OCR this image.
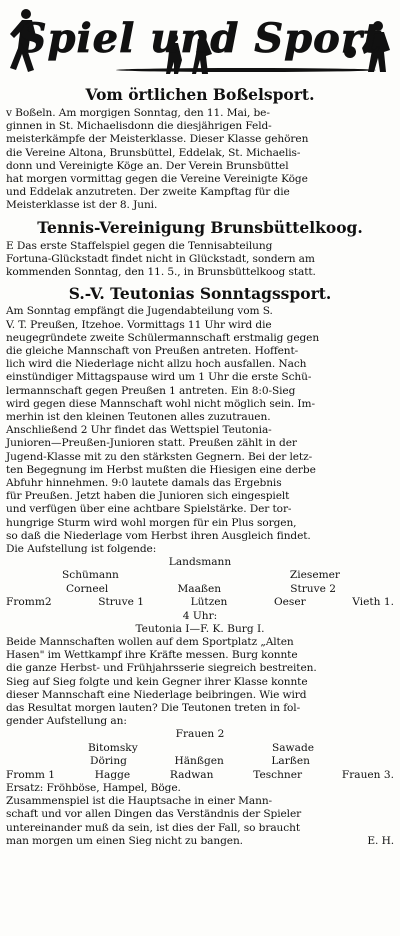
Spiel und Sport
Vom örtlichen Boßelsport.

v Boßeln. Am morgigen Sonntag, den 11. Mai, be-

ginnen in St. Michaelisdonn die diesjährigen Feld-

meisterkämpfe der Meisterklasse. Dieser Klasse gehören

die Vereine Altona, Brunsbüttel, Eddelak, St. Michaelis-

donn und Vereinigte Köge an. Der Verein Brunsbüttel

hat morgen vormittag gegen die Vereine Vereinigte Köge

und Eddelak anzutreten. Der zweite Kampftag für die

Meisterklasse ist der 8. Juni.

Tennis-Vereinigung Brunsbüttelkoog.

E Das erste Staffelspiel gegen die Tennisabteilung

Fortuna-Glückstadt findet nicht in Glückstadt, sondern am

kommenden Sonntag, den 11. 5., in Brunsbüttelkoog statt.

S.-V. Teutonias Sonntagssport.

Am Sonntag empfängt die Jugendabteilung vom S.

V. T. Preußen, Itzehoe. Vormittags 11 Uhr wird die

neugegründete zweite Schülermannschaft erstmalig gegen

die gleiche Mannschaft von Preußen antreten. Hoffent-

lich wird die Niederlage nicht allzu hoch ausfallen. Nach

einstündiger Mittagspause wird um 1 Uhr die erste Schü-

lermannschaft gegen Preußen 1 antreten. Ein 8:0-Sieg

wird gegen diese Mannschaft wohl nicht möglich sein. Im-

merhin ist den kleinen Teutonen alles zuzutrauen.

Anschließend 2 Uhr findet das Wettspiel Teutonia-

Junioren—Preußen-Junioren statt. Preußen zählt in der

Jugend-Klasse mit zu den stärksten Gegnern. Bei der letz-

ten Begegnung im Herbst mußten die Hiesigen eine derbe

Abfuhr hinnehmen. 9:0 lautete damals das Ergebnis

für Preußen. Jetzt haben die Junioren sich eingespielt

und verfügen über eine achtbare Spielstärke. Der tor-

hungrige Sturm wird wohl morgen für ein Plus sorgen,

so daß die Niederlage vom Herbst ihren Ausgleich findet.

Die Aufstellung ist folgende:

Landsmann
Schümann	Ziesemer
Corneel	Maaßen	Struve 2
Fromm2	Struve 1	Lützen	Oeser	Vieth 1.
4 Uhr:
Teutonia I—F. K. Burg I.

Beide Mannschaften wollen auf dem Sportplatz „Alten

Hasen" im Wettkampf ihre Kräfte messen. Burg konnte

die ganze Herbst- und Frühjahrsserie siegreich bestreiten.

Sieg auf Sieg folgte und kein Gegner ihrer Klasse konnte

dieser Mannschaft eine Niederlage beibringen. Wie wird

das Resultat morgen lauten? Die Teutonen treten in fol-

gender Aufstellung an:

Frauen 2
Bitomsky	Sawade
Döring	Hänßgen	Larßen
Fromm 1	Hagge	Radwan	Teschner	Frauen 3.

Ersatz: Fröhböse, Hampel, Böge.

Zusammenspiel ist die Hauptsache in einer Mann-

schaft und vor allen Dingen das Verständnis der Spieler

untereinander muß da sein, ist dies der Fall, so braucht

man morgen um einen Sieg nicht zu bangen.	E. H.
